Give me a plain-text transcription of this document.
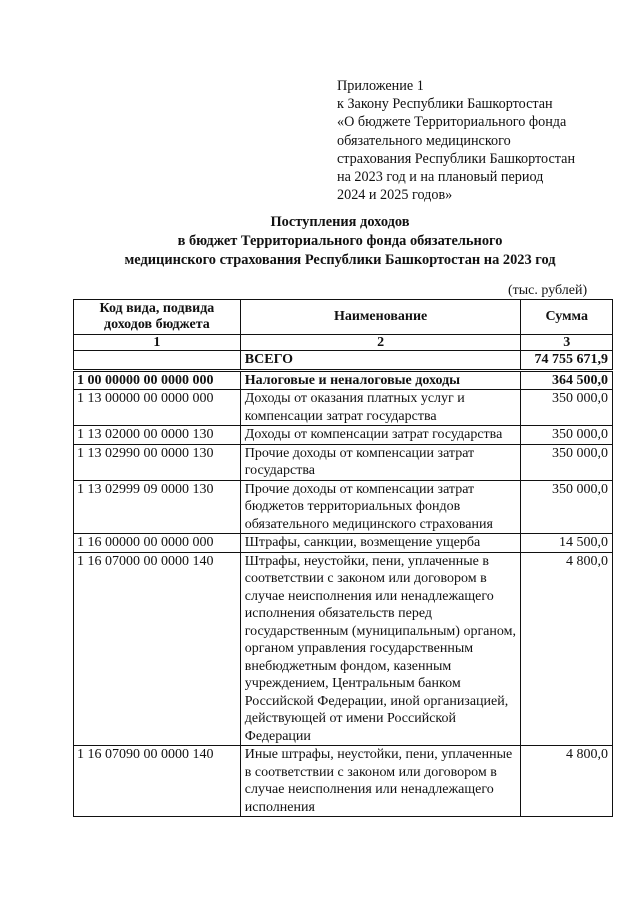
Приложение 1
к Закону Республики Башкортостан
«О бюджете Территориального фонда
обязательного медицинского
страхования Республики Башкортостан
на 2023 год и на плановый период
2024 и 2025 годов»
Поступления доходов
в бюджет Территориального фонда обязательного
медицинского страхования Республики Башкортостан на 2023 год
(тыс. рублей)
Код вида, подвида доходов бюджета	Наименование	Сумма
1	2	3
	ВСЕГО	74 755 671,9
1 00 00000 00 0000 000	Налоговые и неналоговые доходы	364 500,0
1 13 00000 00 0000 000	Доходы от оказания платных услуг и компенсации затрат государства	350 000,0
1 13 02000 00 0000 130	Доходы от компенсации затрат государства	350 000,0
1 13 02990 00 0000 130	Прочие доходы от компенсации затрат государства	350 000,0
1 13 02999 09 0000 130	Прочие доходы от компенсации затрат бюджетов территориальных фондов обязательного медицинского страхования	350 000,0
1 16 00000 00 0000 000	Штрафы, санкции, возмещение ущерба	14 500,0
1 16 07000 00 0000 140	Штрафы, неустойки, пени, уплаченные в соответствии с законом или договором в случае неисполнения или ненадлежащего исполнения обязательств перед государственным (муниципальным) органом, органом управления государственным внебюджетным фондом, казенным учреждением, Центральным банком Российской Федерации, иной организацией, действующей от имени Российской Федерации	4 800,0
1 16 07090 00 0000 140	Иные штрафы, неустойки, пени, уплаченные в соответствии с законом или договором в случае неисполнения или ненадлежащего исполнения	4 800,0
